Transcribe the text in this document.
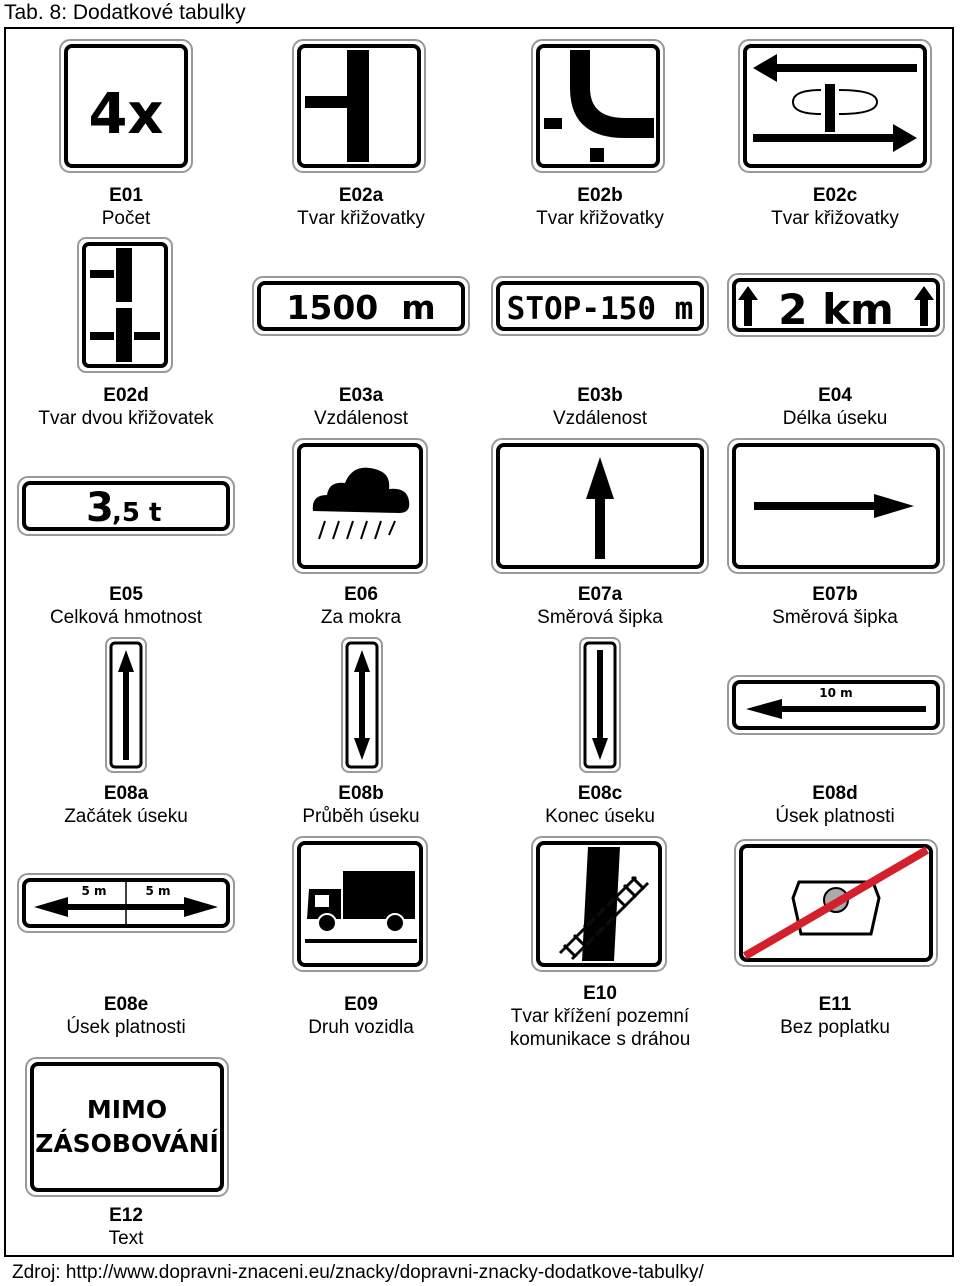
Tab. 8: Dodatkové tabulky
4x
E01
Počet
E02a
Tvar křižovatky
E02b
Tvar křižovatky
E02c
Tvar křižovatky
E02d
Tvar dvou křižovatek
1500  m
E03a
Vzdálenost
STOP-150 m
E03b
Vzdálenost
2 km
E04
Délka úseku
3
,5 t
E05
Celková hmotnost
E06
Za mokra
E07a
Směrová šipka
E07b
Směrová šipka
E08a
Začátek úseku
E08b
Průběh úseku
E08c
Konec úseku
10 m
E08d
Úsek platnosti
5 m	5 m
E08e
Úsek platnosti
E09
Druh vozidla
E10
Tvar křížení pozemní komunikace s dráhou
E11
Bez poplatku
MIMO
ZÁSOBOVÁNÍ
E12
Text
Zdroj: http://www.dopravni-znaceni.eu/znacky/dopravni-znacky-dodatkove-tabulky/
